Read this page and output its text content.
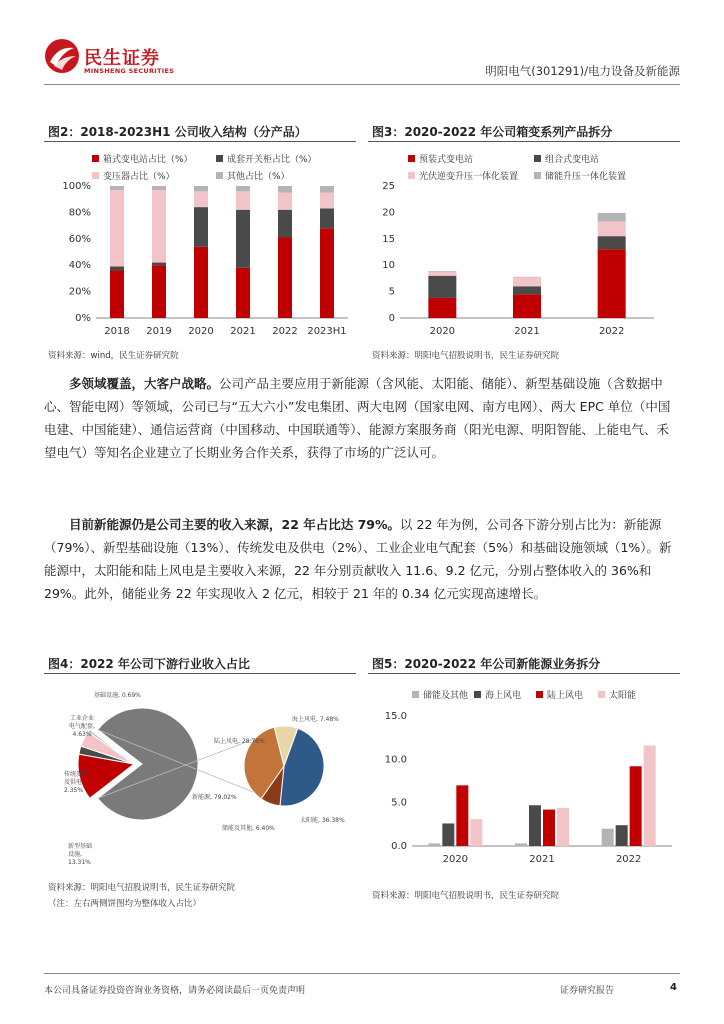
民生证券
MINSHENG SECURITIES	明阳电气(301291)/电力设备及新能源
图2：2018-2023H1 公司收入结构（分产品）
箱式变电站占比（%）	成套开关柜占比（%）
变压器占比（%）	其他占比（%）
0%
20%
40%
60%
80%
100%
2018 2019 2020 2021 2022 2023H1
资料来源：wind，民生证券研究院
图3：2020-2022 年公司箱变系列产品拆分
预装式变电站	组合式变电站
光伏逆变升压一体化装置	储能升压一体化装置
0
5
10
15
20
25
2020	2021	2022
资料来源：明阳电气招股说明书，民生证券研究院
多领域覆盖，大客户战略。公司产品主要应用于新能源（含风能、太阳能、储能）、新型基础设施（含数据中心、智能电网）等领域，公司已与“五大六小”发电集团、两大电网（国家电网、南方电网）、两大 EPC 单位（中国电建、中国能建）、通信运营商（中国移动、中国联通等）、能源方案服务商（阳光电源、明阳智能、上能电气、禾望电气）等知名企业建立了长期业务合作关系，获得了市场的广泛认可。
目前新能源仍是公司主要的收入来源，22 年占比达 79%。以 22 年为例，公司各下游分别占比为：新能源（79%）、新型基础设施（13%）、传统发电及供电（2%）、工业企业电气配套（5%）和基础设施领域（1%）。新能源中，太阳能和陆上风电是主要收入来源，22 年分别贡献收入 11.6、9.2 亿元，分别占整体收入的 36%和 29%。此外，储能业务 22 年实现收入 2 亿元，相较于 21 年的 0.34 亿元实现高速增长。
图4：2022 年公司下游行业收入占比
基础设施, 0.69%
工业企业电气配套, 4.63%
传统发电及供电, 2.35%
新能源, 79.02%
新型基础设施, 13.31%
海上风电, 7.48%
陆上风电, 28.76%
储能及其他, 6.40%
太阳能, 36.38%
资料来源：明阳电气招股说明书，民生证券研究院
（注：左右两侧饼图均为整体收入占比）
图5：2020-2022 年公司新能源业务拆分
储能及其他 海上风电	陆上风电	太阳能
0.0
5.0
10.0
15.0
2020	2021	2022
资料来源：明阳电气招股说明书，民生证券研究院
本公司具备证券投资咨询业务资格，请务必阅读最后一页免责声明	证券研究报告	4
